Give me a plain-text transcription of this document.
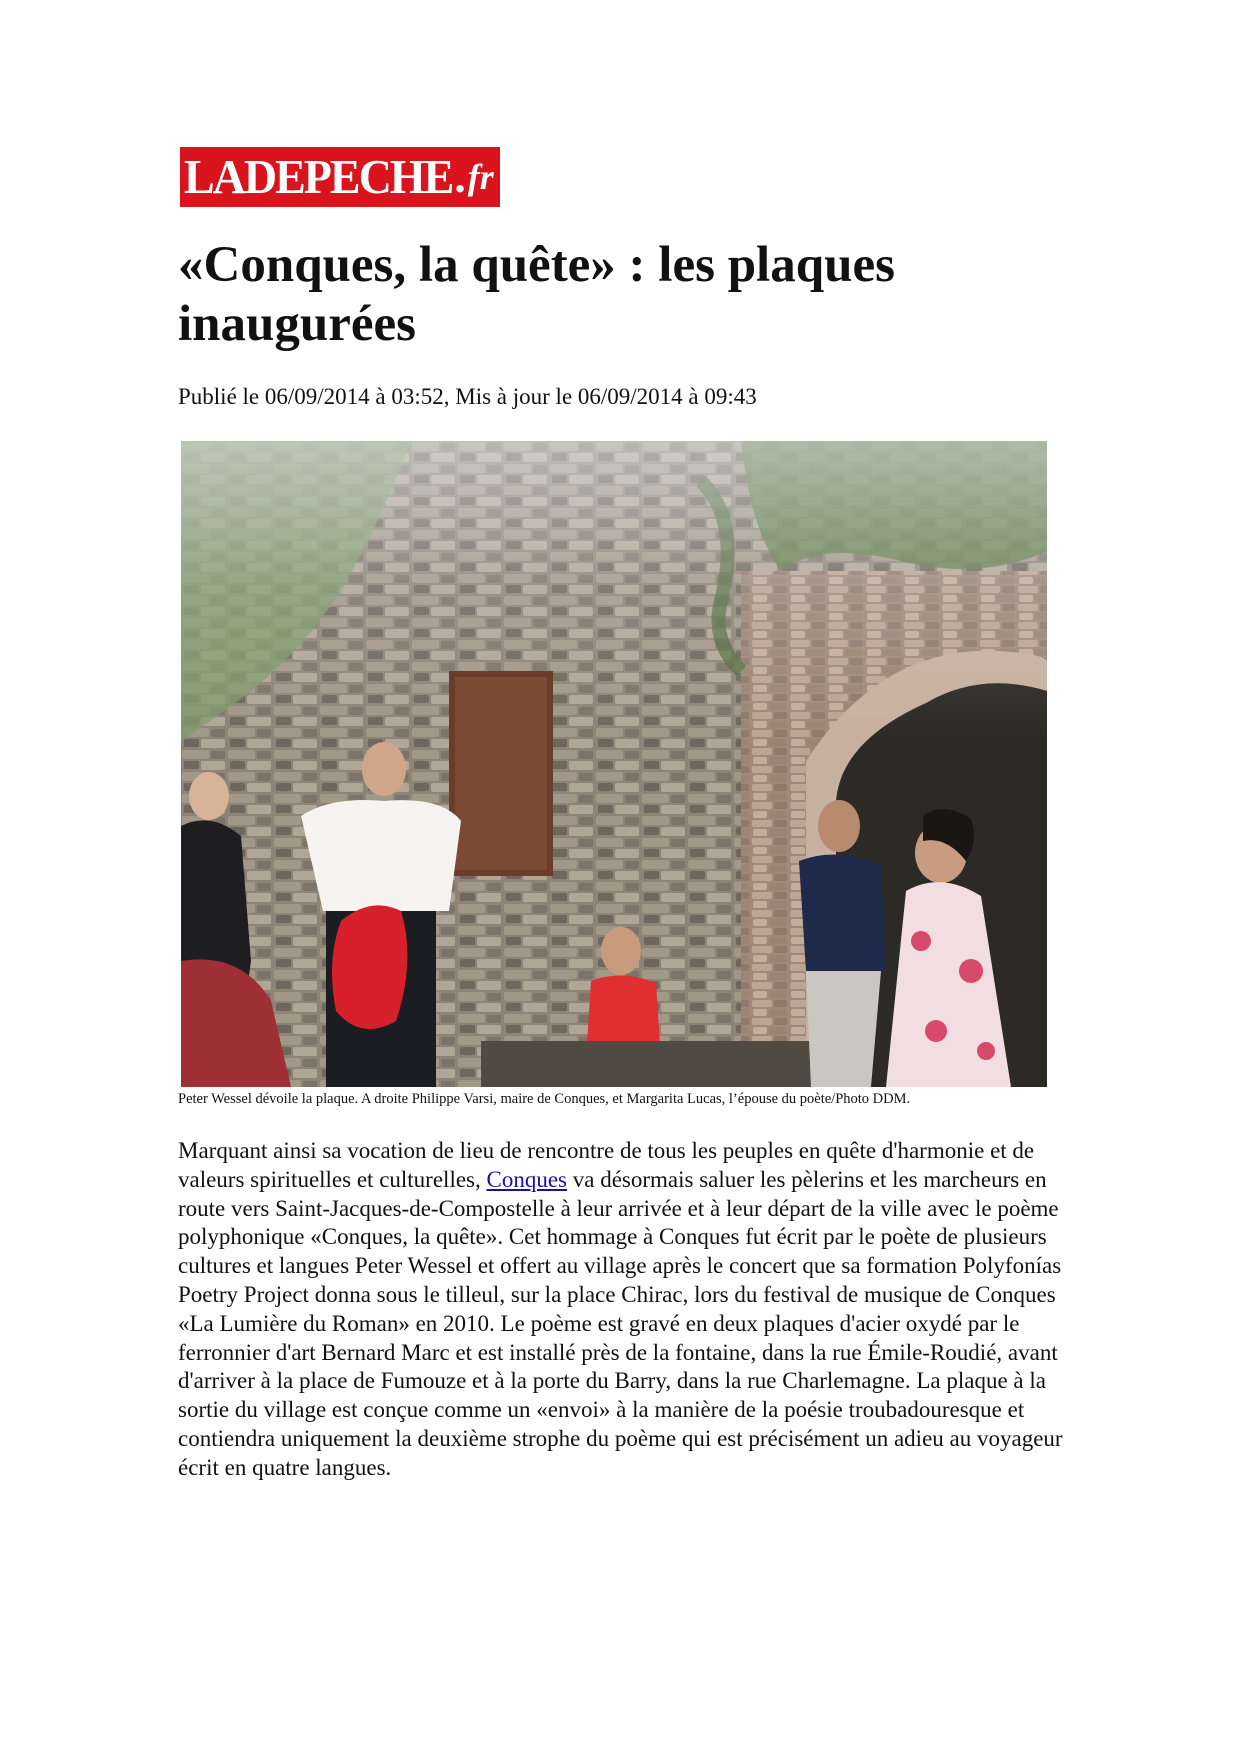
LADEPECHE . fr
«Conques, la quête» : les plaques inaugurées
Publié le 06/09/2014 à 03:52, Mis à jour le 06/09/2014 à 09:43
Peter Wessel dévoile la plaque. A droite Philippe Varsi, maire de Conques, et Margarita Lucas, l’épouse du poète/Photo DDM.

Marquant ainsi sa vocation de lieu de rencontre de tous les peuples en quête d'harmonie et de valeurs spirituelles et culturelles, Conques va désormais saluer les pèlerins et les marcheurs en route vers Saint-Jacques-de-Compostelle à leur arrivée et à leur départ de la ville avec le poème polyphonique «Conques, la quête». Cet hommage à Conques fut écrit par le poète de plusieurs cultures et langues Peter Wessel et offert au village après le concert que sa formation Polyfonías Poetry Project donna sous le tilleul, sur la place Chirac, lors du festival de musique de Conques «La Lumière du Roman» en 2010. Le poème est gravé en deux plaques d'acier oxydé par le ferronnier d'art Bernard Marc et est installé près de la fontaine, dans la rue Émile-Roudié, avant d'arriver à la place de Fumouze et à la porte du Barry, dans la rue Charlemagne. La plaque à la sortie du village est conçue comme un «envoi» à la manière de la poésie troubadouresque et contiendra uniquement la deuxième strophe du poème qui est précisément un adieu au voyageur écrit en quatre langues.
